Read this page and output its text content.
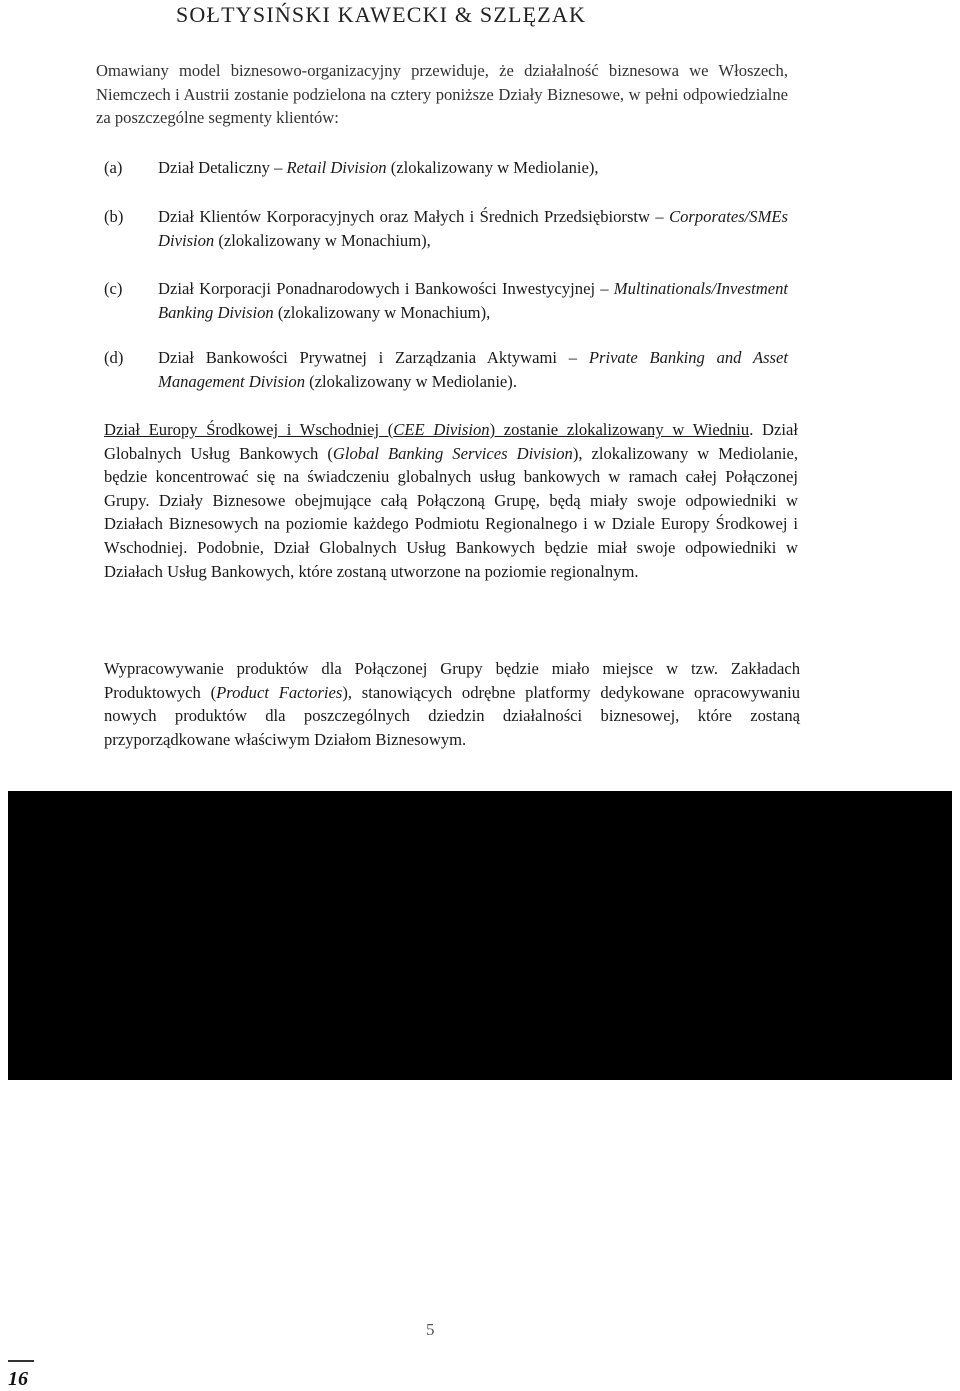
SOŁTYSIŃSKI KAWECKI & SZLĘZAK

Omawiany model biznesowo-organizacyjny przewiduje, że działalność biznesowa we Włoszech, Niemczech i Austrii zostanie podzielona na cztery poniższe Działy Biznesowe, w pełni odpowiedzialne za poszczególne segmenty klientów:

(a) Dział Detaliczny – Retail Division (zlokalizowany w Mediolanie),
(b) Dział Klientów Korporacyjnych oraz Małych i Średnich Przedsiębiorstw – Corporates/SMEs Division (zlokalizowany w Monachium),
(c) Dział Korporacji Ponadnarodowych i Bankowości Inwestycyjnej – Multinationals/Investment Banking Division (zlokalizowany w Monachium),
(d) Dział Bankowości Prywatnej i Zarządzania Aktywami – Private Banking and Asset Management Division (zlokalizowany w Mediolanie).

Dział Europy Środkowej i Wschodniej (CEE Division) zostanie zlokalizowany w Wiedniu. Dział Globalnych Usług Bankowych (Global Banking Services Division), zlokalizowany w Mediolanie, będzie koncentrować się na świadczeniu globalnych usług bankowych w ramach całej Połączonej Grupy. Działy Biznesowe obejmujące całą Połączoną Grupę, będą miały swoje odpowiedniki w Działach Biznesowych na poziomie każdego Podmiotu Regionalnego i w Dziale Europy Środkowej i Wschodniej. Podobnie, Dział Globalnych Usług Bankowych będzie miał swoje odpowiedniki w Działach Usług Bankowych, które zostaną utworzone na poziomie regionalnym.

Wypracowywanie produktów dla Połączonej Grupy będzie miało miejsce w tzw. Zakładach Produktowych (Product Factories), stanowiących odrębne platformy dedykowane opracowywaniu nowych produktów dla poszczególnych dziedzin działalności biznesowej, które zostaną przyporządkowane właściwym Działom Biznesowym.

5
16
